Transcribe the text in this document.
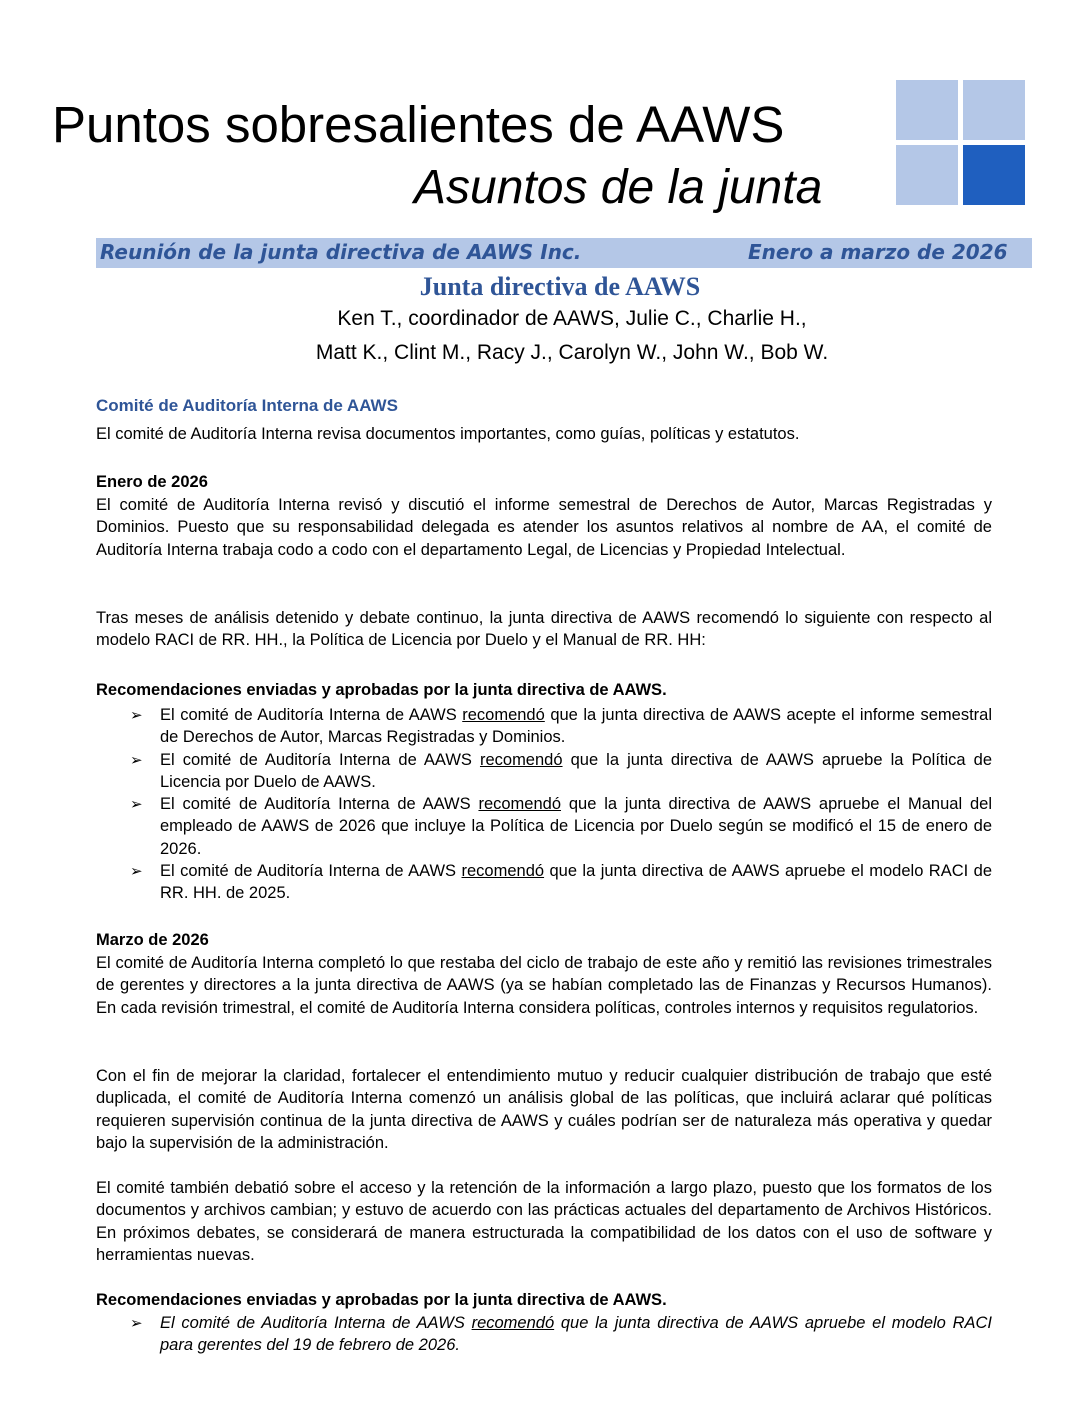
Puntos sobresalientes de AAWS
Asuntos de la junta
Reunión de la junta directiva de AAWS Inc.	Enero a marzo de 2026
Junta directiva de AAWS
Ken T., coordinador de AAWS, Julie C., Charlie H.,
Matt K., Clint M., Racy J., Carolyn W., John W., Bob W.
Comité de Auditoría Interna de AAWS
El comité de Auditoría Interna revisa documentos importantes, como guías, políticas y estatutos.
Enero de 2026
El comité de Auditoría Interna revisó y discutió el informe semestral de Derechos de Autor, Marcas Registradas y Dominios. Puesto que su responsabilidad delegada es atender los asuntos relativos al nombre de AA, el comité de Auditoría Interna trabaja codo a codo con el departamento Legal, de Licencias y Propiedad Intelectual.
Tras meses de análisis detenido y debate continuo, la junta directiva de AAWS recomendó lo siguiente con respecto al modelo RACI de RR. HH., la Política de Licencia por Duelo y el Manual de RR. HH:
Recomendaciones enviadas y aprobadas por la junta directiva de AAWS.
➢ El comité de Auditoría Interna de AAWS recomendó que la junta directiva de AAWS acepte el informe semestral de Derechos de Autor, Marcas Registradas y Dominios.
➢ El comité de Auditoría Interna de AAWS recomendó que la junta directiva de AAWS apruebe la Política de Licencia por Duelo de AAWS.
➢ El comité de Auditoría Interna de AAWS recomendó que la junta directiva de AAWS apruebe el Manual del empleado de AAWS de 2026 que incluye la Política de Licencia por Duelo según se modificó el 15 de enero de 2026.
➢ El comité de Auditoría Interna de AAWS recomendó que la junta directiva de AAWS apruebe el modelo RACI de RR. HH. de 2025.
Marzo de 2026
El comité de Auditoría Interna completó lo que restaba del ciclo de trabajo de este año y remitió las revisiones trimestrales de gerentes y directores a la junta directiva de AAWS (ya se habían completado las de Finanzas y Recursos Humanos). En cada revisión trimestral, el comité de Auditoría Interna considera políticas, controles internos y requisitos regulatorios.
Con el fin de mejorar la claridad, fortalecer el entendimiento mutuo y reducir cualquier distribución de trabajo que esté duplicada, el comité de Auditoría Interna comenzó un análisis global de las políticas, que incluirá aclarar qué políticas requieren supervisión continua de la junta directiva de AAWS y cuáles podrían ser de naturaleza más operativa y quedar bajo la supervisión de la administración.
El comité también debatió sobre el acceso y la retención de la información a largo plazo, puesto que los formatos de los documentos y archivos cambian; y estuvo de acuerdo con las prácticas actuales del departamento de Archivos Históricos. En próximos debates, se considerará de manera estructurada la compatibilidad de los datos con el uso de software y herramientas nuevas.
Recomendaciones enviadas y aprobadas por la junta directiva de AAWS.
➢ El comité de Auditoría Interna de AAWS recomendó que la junta directiva de AAWS apruebe el modelo RACI para gerentes del 19 de febrero de 2026.
